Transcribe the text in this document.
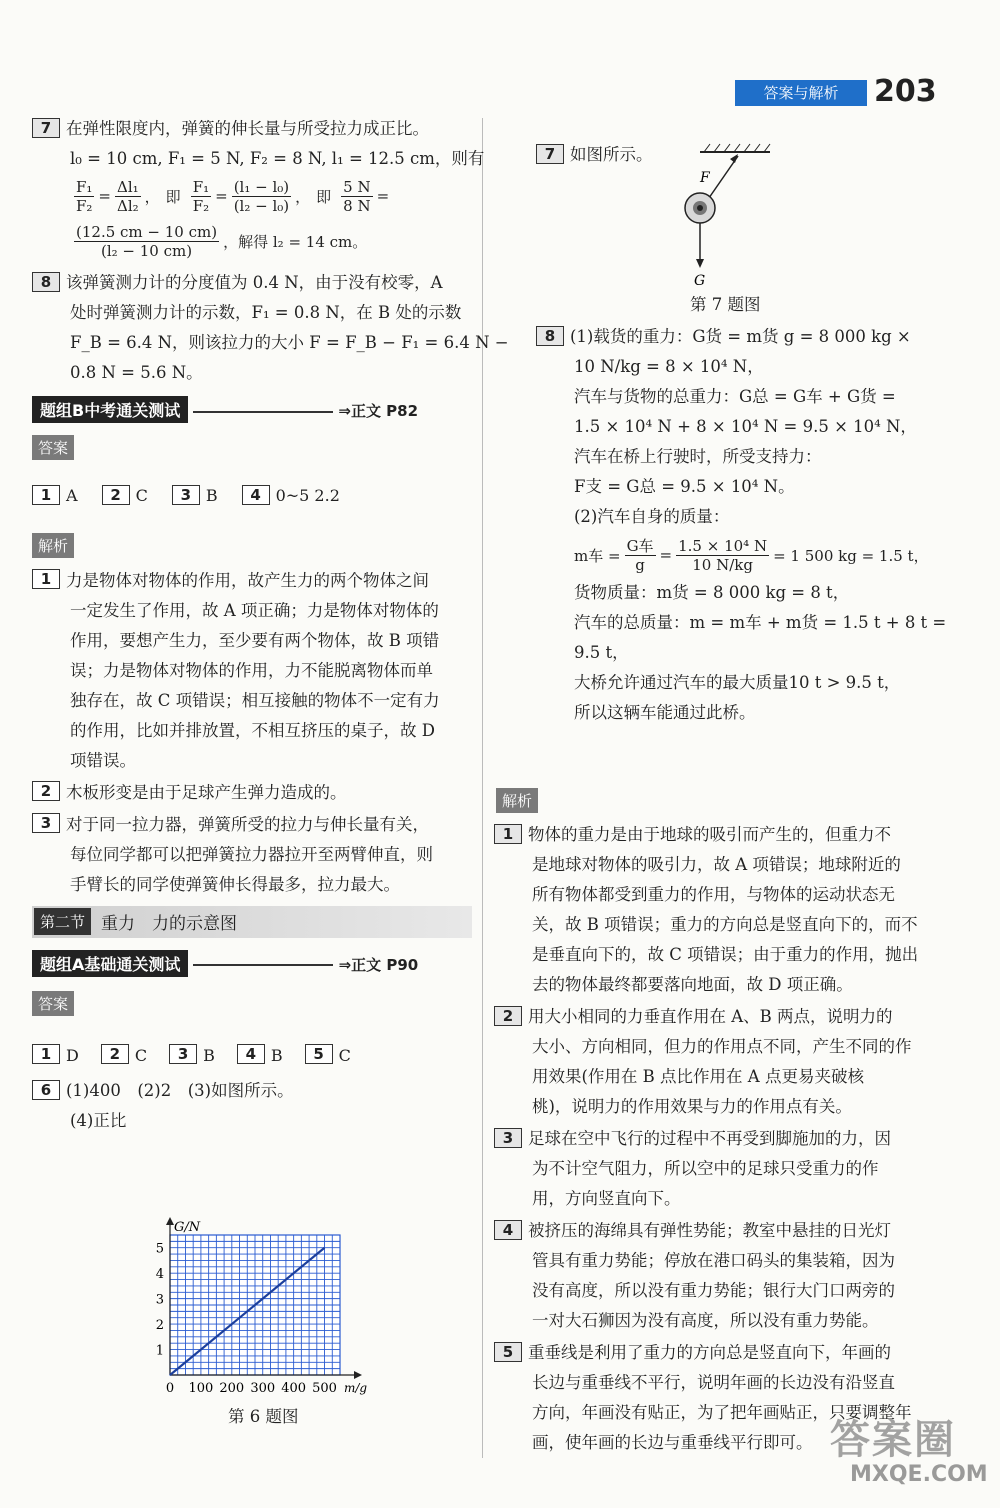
答案与解析	203
7 在弹性限度内，弹簧的伸长量与所受拉力成正比。
l₀ = 10 cm, F₁ = 5 N, F₂ = 8 N, l₁ = 12.5 cm，则有
$\frac{\text{F₁}}{\text{F₂}} = \frac{\text{Δl₁}}{\text{Δl₂}}$ ， 即 $\frac{\text{F₁}}{\text{F₂}} = \frac{\text{(l₁ − l₀)}}{\text{(l₂ − l₀)}}$ ， 即 $\frac{5 N}{8 N}$ =
$\frac{(12.5 cm - 10 cm)}{\text{(l₂ − 10 cm)}}$ ，解得 l₂ = 14 cm。
8 该弹簧测力计的分度值为 0.4 N，由于没有校零，A
处时弹簧测力计的示数，F₁ = 0.8 N，在 B 处的示数
F_B = 6.4 N，则该拉力的大小 F = F_B − F₁ = 6.4 N −
0.8 N = 5.6 N。
题组B中考通关测试	⇒正文 P82
答案
1 A	2 C	3 B	4 0~5 2.2
解析
1 力是物体对物体的作用，故产生力的两个物体之间
一定发生了作用，故 A 项正确；力是物体对物体的
作用，要想产生力，至少要有两个物体，故 B 项错
误；力是物体对物体的作用，力不能脱离物体而单
独存在，故 C 项错误；相互接触的物体不一定有力
的作用，比如并排放置，不相互挤压的桌子，故 D
项错误。
2 木板形变是由于足球产生弹力造成的。
3 对于同一拉力器，弹簧所受的拉力与伸长量有关，
每位同学都可以把弹簧拉力器拉开至两臂伸直，则
手臂长的同学使弹簧伸长得最多，拉力最大。
第二节 重力　力的示意图
题组A基础通关测试	⇒正文 P90
答案
1 D	2 C	3 B	4 B	5 C
6 (1)400　(2)2　(3)如图所示。
(4)正比
0 100 200 300 400 500
1
2
3
4
5
G/N
m/g
第 6 题图
7 如图所示。
F
G
第 7 题图
8 (1)载货的重力：G货 = m货 g = 8 000 kg ×
10 N/kg = 8 × 10⁴ N，
汽车与货物的总重力：G总 = G车 + G货 =
1.5 × 10⁴ N + 8 × 10⁴ N = 9.5 × 10⁴ N，
汽车在桥上行驶时，所受支持力：
F支 = G总 = 9.5 × 10⁴ N。
(2)汽车自身的质量：
m车 = $\frac{\text{G车}}{g} = \frac{\text{1.5 × 10⁴ N}}{10 N/kg} = 1$ 500 kg = 1.5 t，
货物质量：m货 = 8 000 kg = 8 t，
汽车的总质量：m = m车 + m货 = 1.5 t + 8 t =
9.5 t，
大桥允许通过汽车的最大质量10 t > 9.5 t，
所以这辆车能通过此桥。
解析
1 物体的重力是由于地球的吸引而产生的，但重力不
是地球对物体的吸引力，故 A 项错误；地球附近的
所有物体都受到重力的作用，与物体的运动状态无
关，故 B 项错误；重力的方向总是竖直向下的，而不
是垂直向下的，故 C 项错误；由于重力的作用，抛出
去的物体最终都要落向地面，故 D 项正确。
2 用大小相同的力垂直作用在 A、B 两点，说明力的
大小、方向相同，但力的作用点不同，产生不同的作
用效果(作用在 B 点比作用在 A 点更易夹破核
桃)，说明力的作用效果与力的作用点有关。
3 足球在空中飞行的过程中不再受到脚施加的力，因
为不计空气阻力，所以空中的足球只受重力的作
用，方向竖直向下。
4 被挤压的海绵具有弹性势能；教室中悬挂的日光灯
管具有重力势能；停放在港口码头的集装箱，因为
没有高度，所以没有重力势能；银行大门口两旁的
一对大石狮因为没有高度，所以没有重力势能。
5 重垂线是利用了重力的方向总是竖直向下，年画的
长边与重垂线不平行，说明年画的长边没有沿竖直
方向，年画没有贴正，为了把年画贴正，只要调整年
画，使年画的长边与重垂线平行即可。 答案圈
MXQE.COM
